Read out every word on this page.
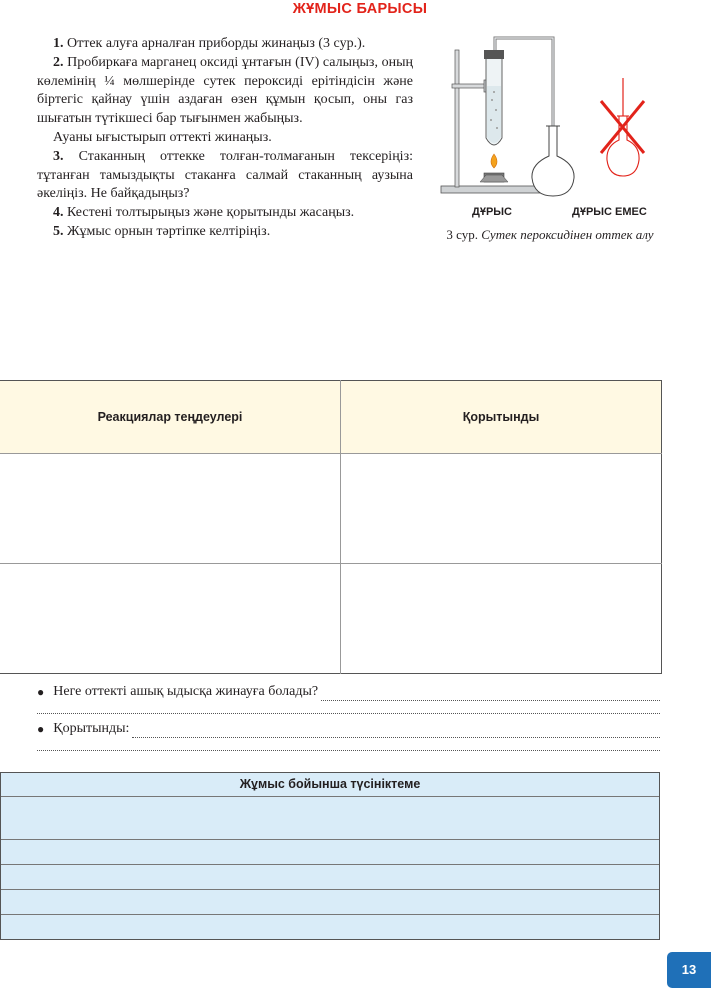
ЖҰМЫС БАРЫСЫ

1. Оттек алуға арналған приборды жинаңыз (3 сур.).

2. Пробиркаға марганец оксиді ұнтағын (IV) салыңыз, оның көлемінің ¼ мөлшерінде сутек пероксиді ерітіндісін және біртегіс қайнау үшін аздаған өзен құмын қосып, оны газ шығатын түтікшесі бар тығынмен жабыңыз.

Ауаны ығыстырып оттекті жинаңыз.

3. Стаканның оттекке толған-толмағанын тексеріңіз: тұтанған тамыздықты стаканға салмай стаканның аузына әкеліңіз. Не байқадыңыз?

4. Кестені толтырыңыз және қорытынды жасаңыз.

5. Жұмыс орнын тәртіпке келтіріңіз.

ДҰРЫС	ДҰРЫС ЕМЕС
3 сур. Сутек пероксидінен оттек алу
Реакциялар теңдеулері	Қорытынды

● Неге оттекті ашық ыдысқа жинауға болады?
● Қорытынды:
Жұмыс бойынша түсініктеме
13
